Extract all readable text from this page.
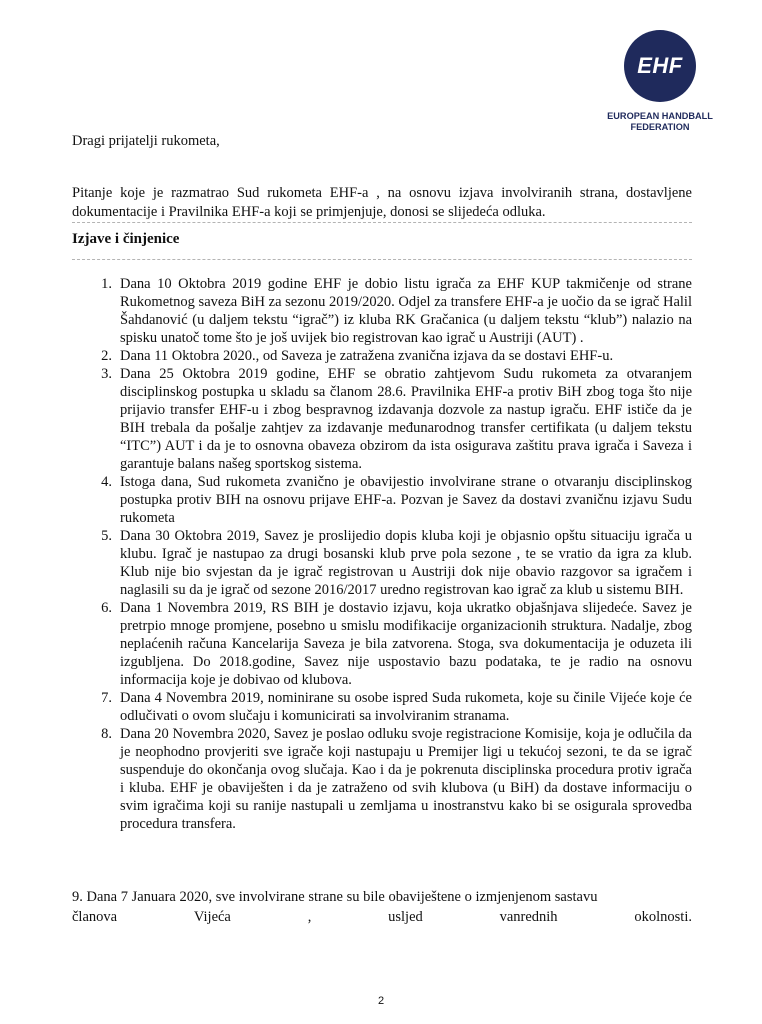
EHF
EUROPEAN HANDBALL
FEDERATION
Dragi prijatelji rukometa,
Pitanje koje je razmatrao Sud rukometa EHF-a , na osnovu izjava involviranih strana, dostavljene dokumentacije i Pravilnika EHF-a koji se primjenjuje, donosi se slijedeća odluka.
Izjave i činjenice
1. Dana 10 Oktobra 2019 godine EHF je dobio listu igrača za EHF KUP takmičenje od strane Rukometnog saveza BiH za sezonu 2019/2020. Odjel za transfere EHF-a je uočio da se igrač Halil Šahdanović (u daljem tekstu “igrač”) iz kluba RK Gračanica (u daljem tekstu “klub”) nalazio na spisku unatoč tome što je još uvijek bio registrovan kao igrač u Austriji (AUT) .
2. Dana 11 Oktobra 2020., od Saveza je zatražena zvanična izjava da se dostavi EHF-u.
3. Dana 25 Oktobra 2019 godine, EHF se obratio zahtjevom Sudu rukometa za otvaranjem disciplinskog postupka u skladu sa članom 28.6. Pravilnika EHF-a protiv BiH zbog toga što nije prijavio transfer EHF-u i zbog bespravnog izdavanja dozvole za nastup igraču. EHF ističe da je BIH trebala da pošalje zahtjev za izdavanje međunarodnog transfer certifikata (u daljem tekstu “ITC”) AUT i da je to osnovna obaveza obzirom da ista osigurava zaštitu prava igrača i Saveza i garantuje balans našeg sportskog sistema.
4. Istoga dana, Sud rukometa zvanično je obavijestio involvirane strane o otvaranju disciplinskog postupka protiv BIH na osnovu prijave EHF-a. Pozvan je Savez da dostavi zvaničnu izjavu Sudu rukometa
5. Dana 30 Oktobra 2019, Savez je proslijedio dopis kluba koji je objasnio opštu situaciju igrača u klubu. Igrač je nastupao za drugi bosanski klub prve pola sezone , te se vratio da igra za klub. Klub nije bio svjestan da je igrač registrovan u Austriji dok nije obavio razgovor sa igračem i naglasili su da je igrač od sezone 2016/2017 uredno registrovan kao igrač za klub u sistemu BIH.
6. Dana 1 Novembra 2019, RS BIH je dostavio izjavu, koja ukratko objašnjava slijedeće. Savez je pretrpio mnoge promjene, posebno u smislu modifikacije organizacionih struktura. Nadalje, zbog neplaćenih računa Kancelarija Saveza je bila zatvorena. Stoga, sva dokumentacija je oduzeta ili izgubljena. Do 2018.godine, Savez nije uspostavio bazu podataka, te je radio na osnovu informacija koje je dobivao od klubova.
7. Dana 4 Novembra 2019, nominirane su osobe ispred Suda rukometa, koje su činile Vijeće koje će odlučivati o ovom slučaju i komunicirati sa involviranim stranama.
8. Dana 20 Novembra 2020, Savez je poslao odluku svoje registracione Komisije, koja je odlučila da je neophodno provjeriti sve igrače koji nastupaju u Premijer ligi u tekućoj sezoni, te da se igrač suspenduje do okončanja ovog slučaja. Kao i da je pokrenuta disciplinska procedura protiv igrača i kluba. EHF je obaviješten i da je zatraženo od svih klubova (u BiH) da dostave informaciju o svim igračima koji su ranije nastupali u zemljama u inostranstvu kako bi se osigurala sprovedba procedura transfera.
9. Dana 7 Januara 2020, sve involvirane strane su bile obaviještene o izmjenjenom sastavu
članova	Vijeća	,	usljed	vanrednih	okolnosti.
2
